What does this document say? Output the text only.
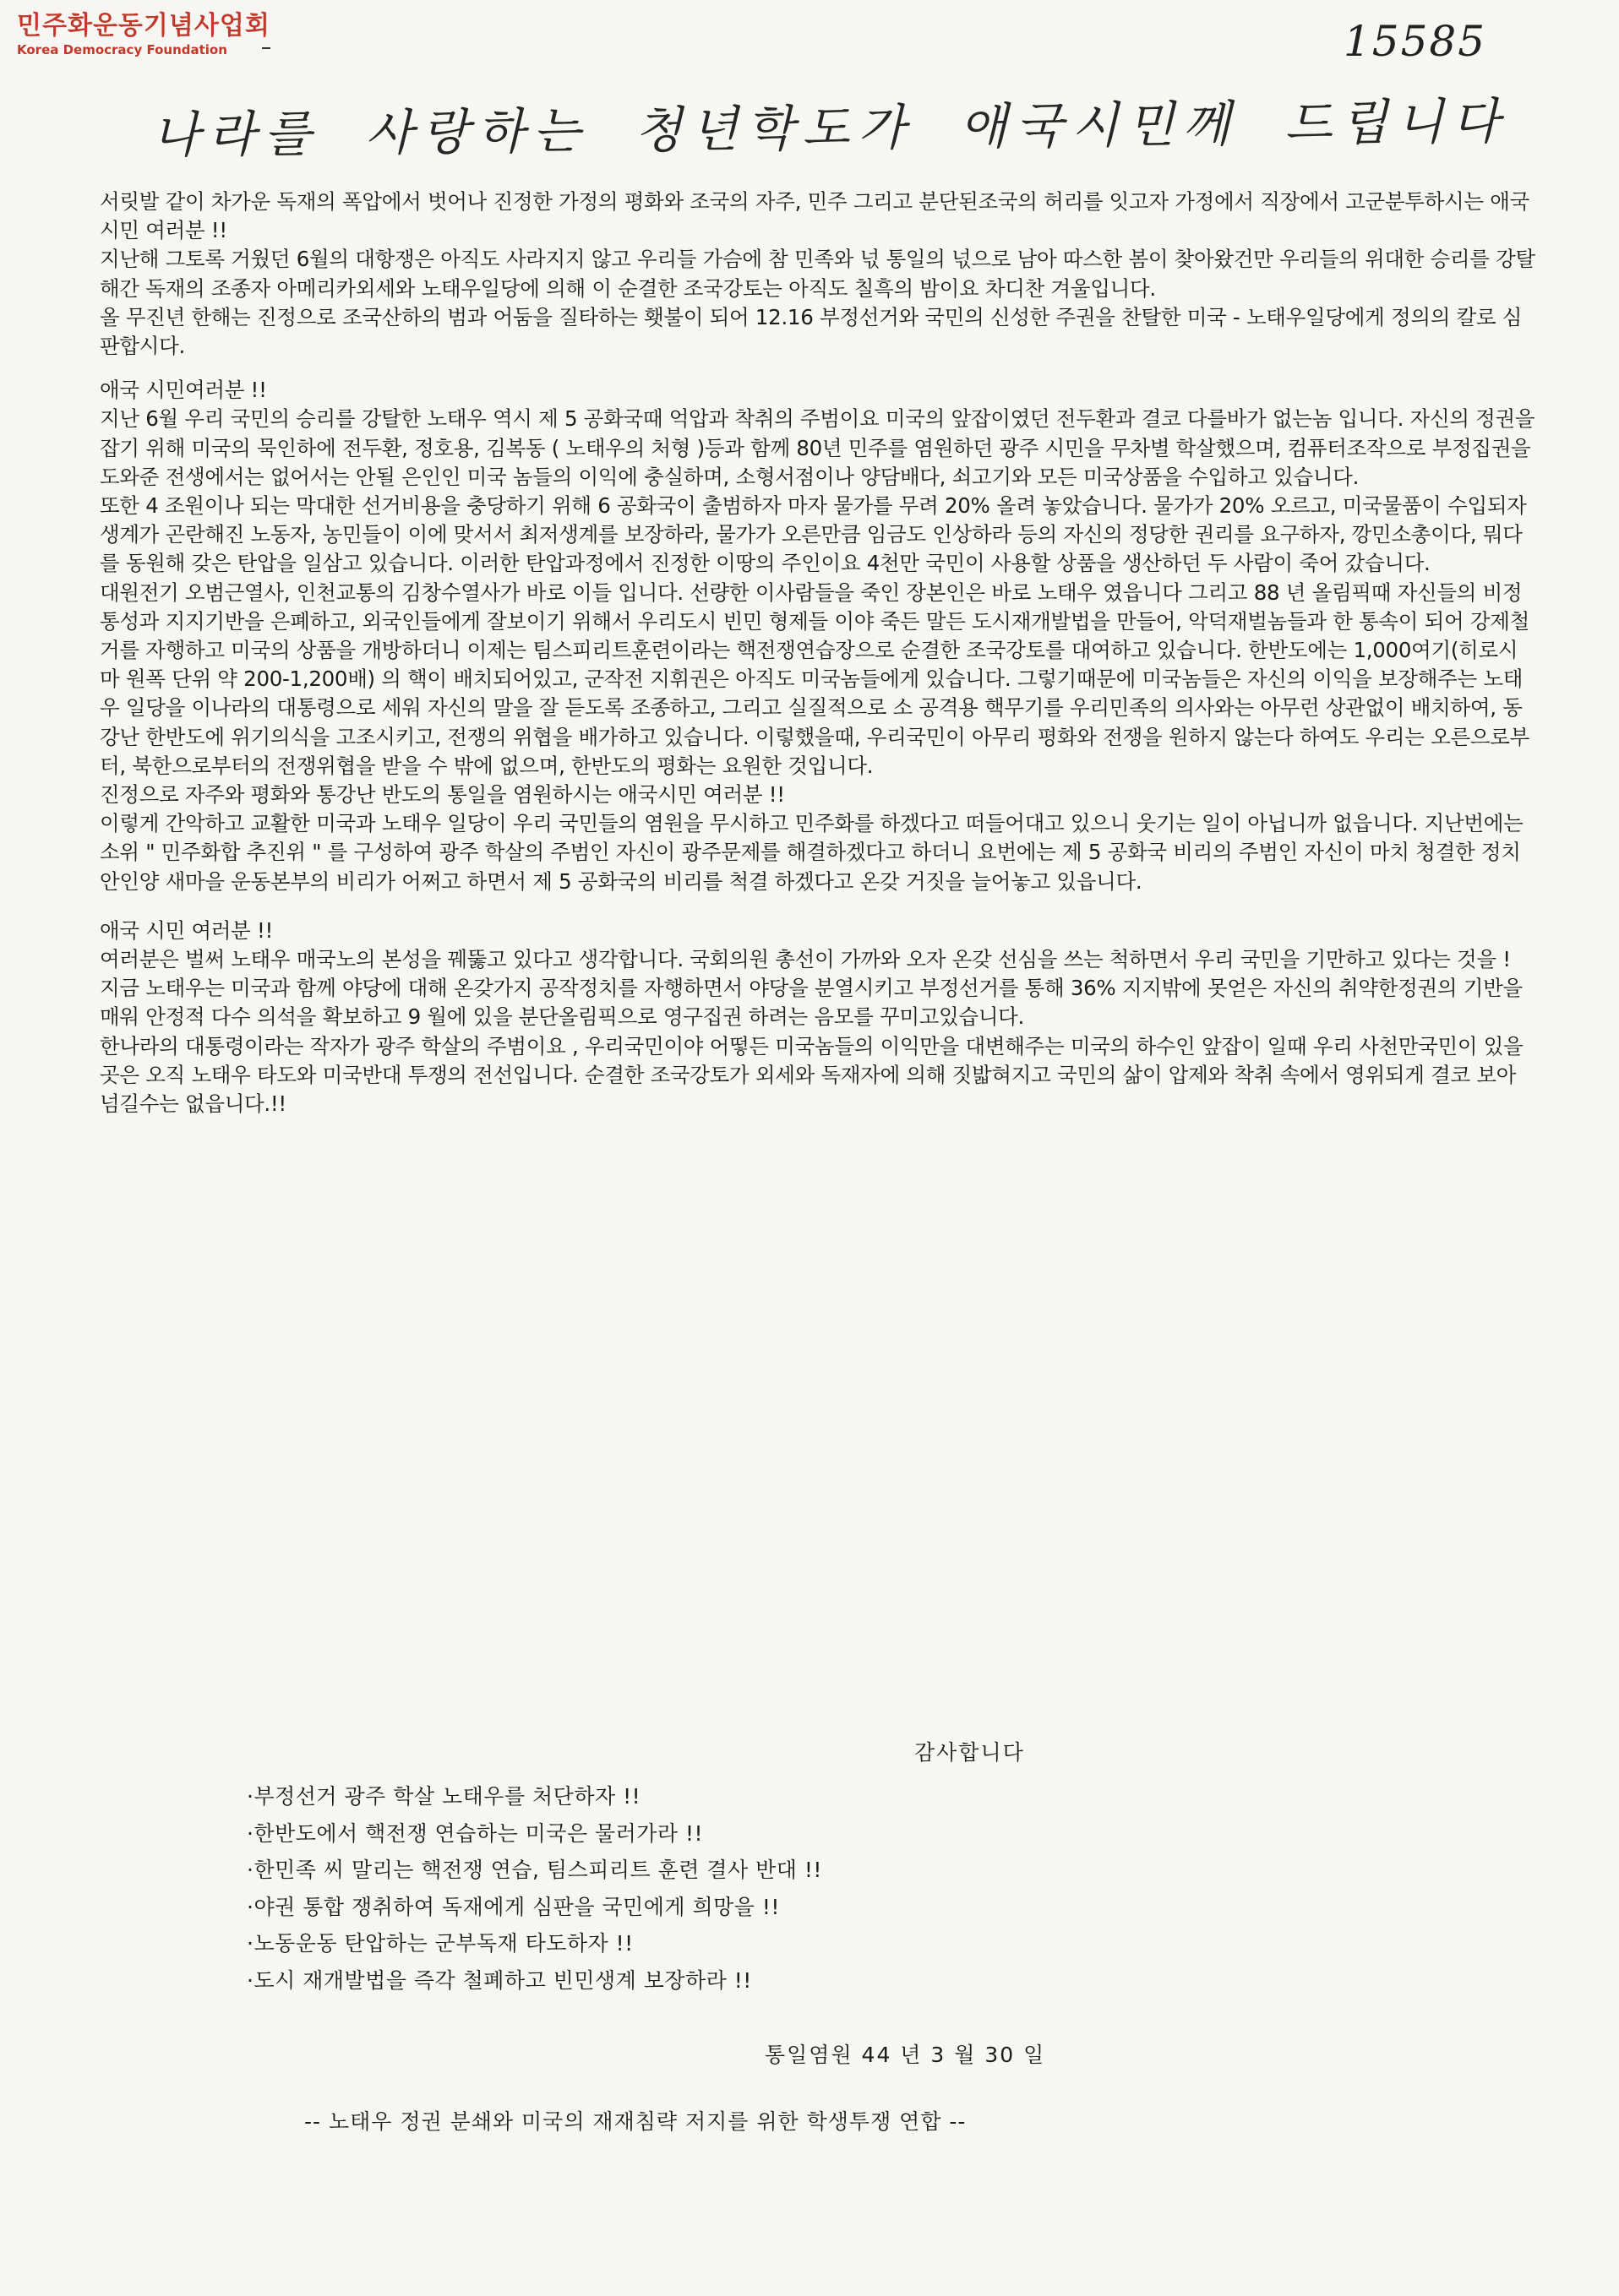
민주화운동기념사업회
Korea Democracy Foundation	15585
나라를 사랑하는 청년학도가 애국시민께 드립니다

서릿발 같이 차가운 독재의 폭압에서 벗어나 진정한 가정의 평화와 조국의 자주, 민주 그리고 분단된조국의 허리를 잇고자 가정에서 직장에서 고군분투하시는 애국시민 여러분 !!

지난해 그토록 거웠던 6월의 대항쟁은 아직도 사라지지 않고 우리들 가슴에 참 민족와 넋 통일의 넋으로 남아 따스한 봄이 찾아왔건만 우리들의 위대한 승리를 강탈해간 독재의 조종자 아메리카외세와 노태우일당에 의해 이 순결한 조국강토는 아직도 칠흑의 밤이요 차디찬 겨울입니다.

올 무진년 한해는 진정으로 조국산하의 범과 어둠을 질타하는 횃불이 되어 12.16 부정선거와 국민의 신성한 주권을 찬탈한 미국 - 노태우일당에게 정의의 칼로 심판합시다.

애국 시민여러분 !!

지난 6월 우리 국민의 승리를 강탈한 노태우 역시 제 5 공화국때 억압과 착취의 주범이요 미국의 앞잡이였던 전두환과 결코 다를바가 없는놈 입니다. 자신의 정권을 잡기 위해 미국의 묵인하에 전두환, 정호용, 김복동 ( 노태우의 처형 )등과 함께 80년 민주를 염원하던 광주 시민을 무차별 학살했으며, 컴퓨터조작으로 부정집권을 도와준 전생에서는 없어서는 안될 은인인 미국 놈들의 이익에 충실하며, 소형서점이나 양담배다, 쇠고기와 모든 미국상품을 수입하고 있습니다.

또한 4 조원이나 되는 막대한 선거비용을 충당하기 위해 6 공화국이 출범하자 마자 물가를 무려 20% 올려 놓았습니다. 물가가 20% 오르고, 미국물품이 수입되자 생계가 곤란해진 노동자, 농민들이 이에 맞서서 최저생계를 보장하라, 물가가 오른만큼 임금도 인상하라 등의 자신의 정당한 권리를 요구하자, 깡민소총이다, 뭐다를 동원해 갖은 탄압을 일삼고 있습니다. 이러한 탄압과정에서 진정한 이땅의 주인이요 4천만 국민이 사용할 상품을 생산하던 두 사람이 죽어 갔습니다.

대원전기 오범근열사, 인천교통의 김창수열사가 바로 이들 입니다. 선량한 이사람들을 죽인 장본인은 바로 노태우 였읍니다 그리고 88 년 올림픽때 자신들의 비정통성과 지지기반을 은폐하고, 외국인들에게 잘보이기 위해서 우리도시 빈민 형제들 이야 죽든 말든 도시재개발법을 만들어, 악덕재벌놈들과 한 통속이 되어 강제철거를 자행하고 미국의 상품을 개방하더니 이제는 팀스피리트훈련이라는 핵전쟁연습장으로 순결한 조국강토를 대여하고 있습니다. 한반도에는 1,000여기(히로시마 원폭 단위 약 200-1,200배) 의 핵이 배치되어있고, 군작전 지휘권은 아직도 미국놈들에게 있습니다. 그렇기때문에 미국놈들은 자신의 이익을 보장해주는 노태우 일당을 이나라의 대통령으로 세워 자신의 말을 잘 듣도록 조종하고, 그리고 실질적으로 소 공격용 핵무기를 우리민족의 의사와는 아무런 상관없이 배치하여, 동강난 한반도에 위기의식을 고조시키고, 전쟁의 위협을 배가하고 있습니다. 이렇했을때, 우리국민이 아무리 평화와 전쟁을 원하지 않는다 하여도 우리는 오른으로부터, 북한으로부터의 전쟁위협을 받을 수 밖에 없으며, 한반도의 평화는 요원한 것입니다.

진정으로 자주와 평화와 통강난 반도의 통일을 염원하시는 애국시민 여러분 !!

이렇게 간악하고 교활한 미국과 노태우 일당이 우리 국민들의 염원을 무시하고 민주화를 하겠다고 떠들어대고 있으니 웃기는 일이 아닙니까 없읍니다. 지난번에는 소위 " 민주화합 추진위 " 를 구성하여 광주 학살의 주범인 자신이 광주문제를 해결하겠다고 하더니 요번에는 제 5 공화국 비리의 주범인 자신이 마치 청결한 정치안인양 새마을 운동본부의 비리가 어쩌고 하면서 제 5 공화국의 비리를 척결 하겠다고 온갖 거짓을 늘어놓고 있읍니다.

애국 시민 여러분 !!

여러분은 벌써 노태우 매국노의 본성을 꿰뚫고 있다고 생각합니다. 국회의원 총선이 가까와 오자 온갖 선심을 쓰는 척하면서 우리 국민을 기만하고 있다는 것을 ! 지금 노태우는 미국과 함께 야당에 대해 온갖가지 공작정치를 자행하면서 야당을 분열시키고 부정선거를 통해 36% 지지밖에 못얻은 자신의 취약한정권의 기반을 매워 안정적 다수 의석을 확보하고 9 월에 있을 분단올림픽으로 영구집권 하려는 음모를 꾸미고있습니다.

한나라의 대통령이라는 작자가 광주 학살의 주범이요 , 우리국민이야 어떻든 미국놈들의 이익만을 대변해주는 미국의 하수인 앞잡이 일때 우리 사천만국민이 있을 곳은 오직 노태우 타도와 미국반대 투쟁의 전선입니다. 순결한 조국강토가 외세와 독재자에 의해 짓밟혀지고 국민의 삶이 압제와 착취 속에서 영위되게 결코 보아 넘길수는 없읍니다.!!

감사합니다
·부정선거 광주 학살 노태우를 처단하자 !!
·한반도에서 핵전쟁 연습하는 미국은 물러가라 !!
·한민족 씨 말리는 핵전쟁 연습, 팀스피리트 훈련 결사 반대 !!
·야권 통합 쟁취하여 독재에게 심판을 국민에게 희망을 !!
·노동운동 탄압하는 군부독재 타도하자 !!
·도시 재개발법을 즉각 철폐하고 빈민생계 보장하라 !!
통일염원 44 년 3 월 30 일
-- 노태우 정권 분쇄와 미국의 재재침략 저지를 위한 학생투쟁 연합 --
